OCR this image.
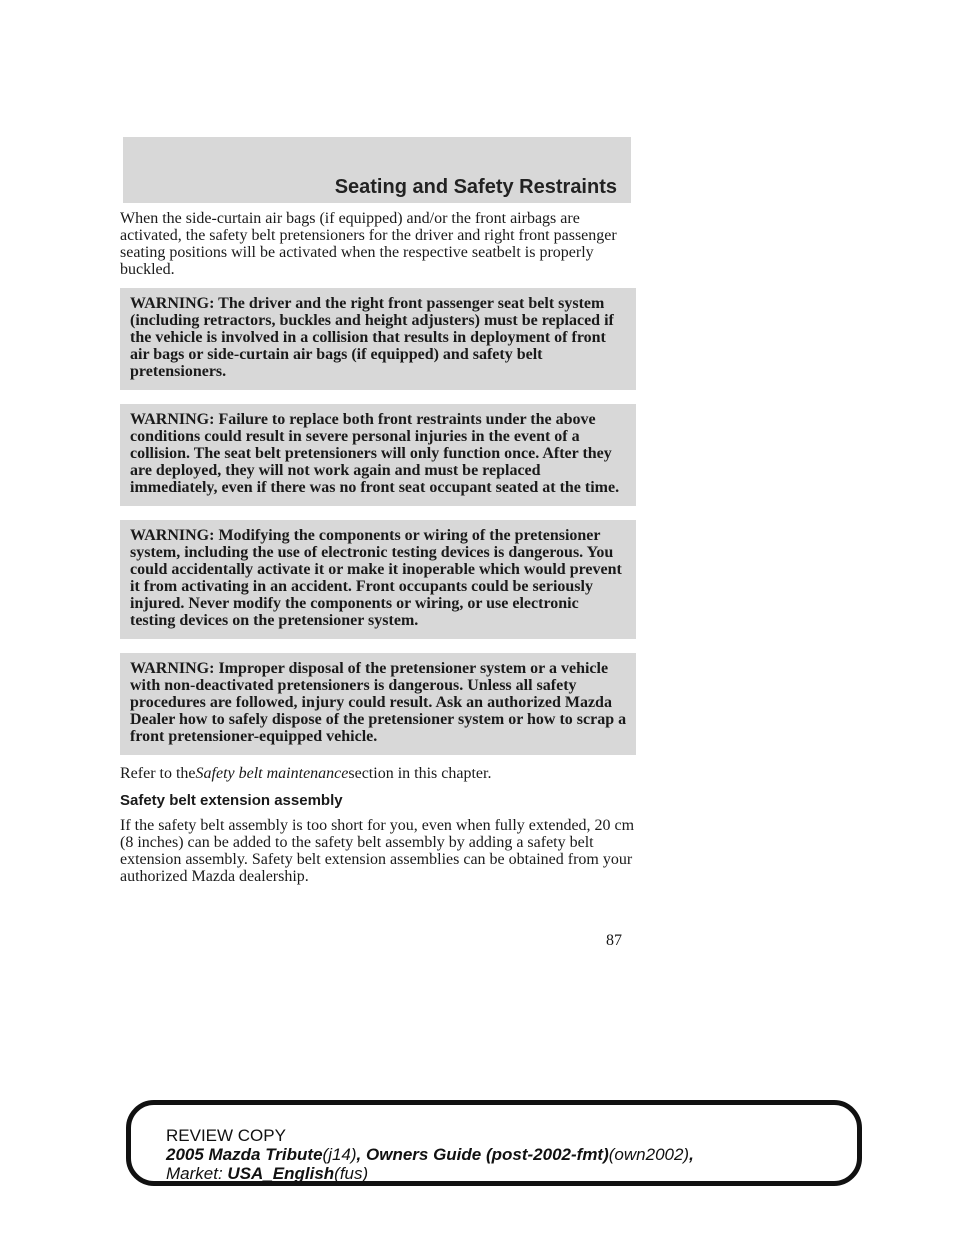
Seating and Safety Restraints

When the side-curtain air bags (if equipped) and/or the front airbags are activated, the safety belt pretensioners for the driver and right front passenger seating positions will be activated when the respective seatbelt is properly buckled.

WARNING: The driver and the right front passenger seat belt system (including retractors, buckles and height adjusters) must be replaced if the vehicle is involved in a collision that results in deployment of front air bags or side-curtain air bags (if equipped) and safety belt pretensioners.
WARNING: Failure to replace both front restraints under the above conditions could result in severe personal injuries in the event of a collision. The seat belt pretensioners will only function once. After they are deployed, they will not work again and must be replaced immediately, even if there was no front seat occupant seated at the time.
WARNING: Modifying the components or wiring of the pretensioner system, including the use of electronic testing devices is dangerous. You could accidentally activate it or make it inoperable which would prevent it from activating in an accident. Front occupants could be seriously injured. Never modify the components or wiring, or use electronic testing devices on the pretensioner system.
WARNING: Improper disposal of the pretensioner system or a vehicle with non-deactivated pretensioners is dangerous. Unless all safety procedures are followed, injury could result. Ask an authorized Mazda Dealer how to safely dispose of the pretensioner system or how to scrap a front pretensioner-equipped vehicle.

Refer to theSafety belt maintenancesection in this chapter.

Safety belt extension assembly

If the safety belt assembly is too short for you, even when fully extended, 20 cm (8 inches) can be added to the safety belt assembly by adding a safety belt extension assembly. Safety belt extension assemblies can be obtained from your authorized Mazda dealership.

87
REVIEW COPY
2005 Mazda Tribute(j14), Owners Guide (post-2002-fmt)(own2002),
Market: USA_English(fus)
